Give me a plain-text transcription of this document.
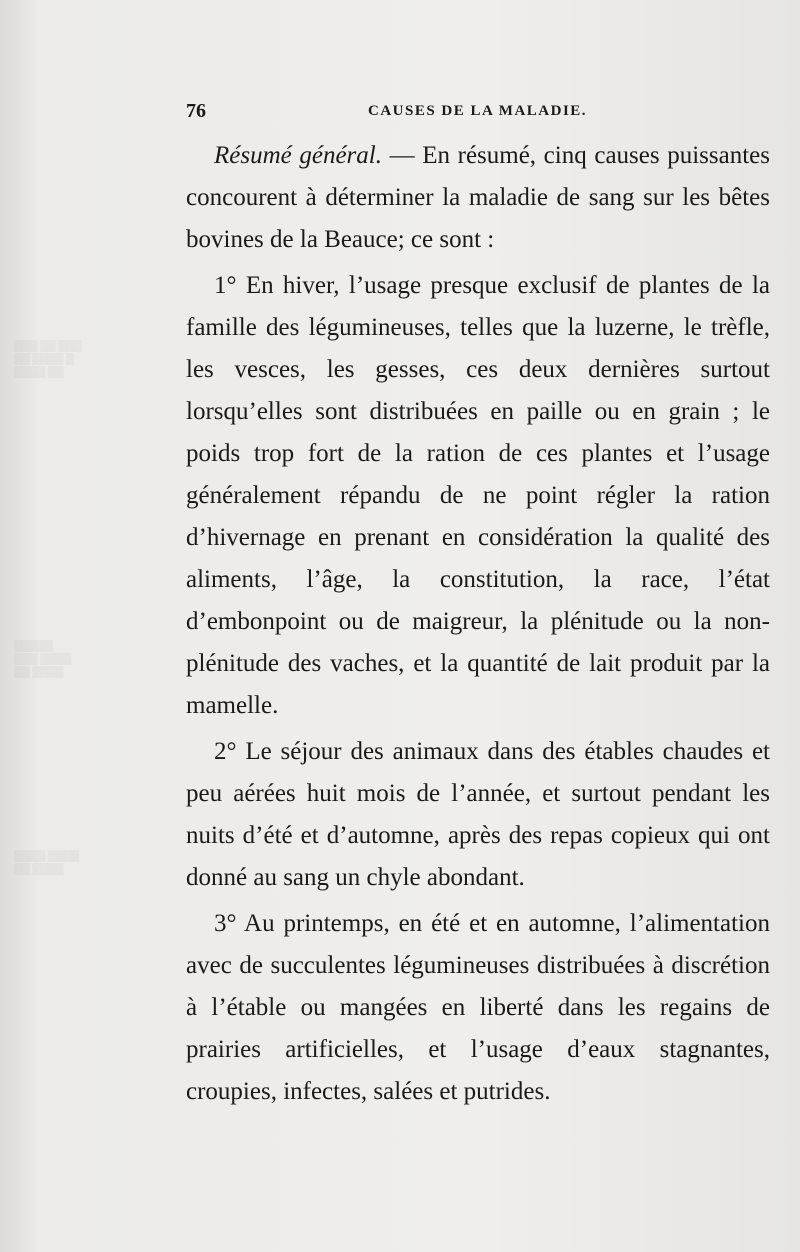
▒▒▒ ▒▒ ▒▒▒
▒▒ ▒▒▒▒ ▒
▒▒▒▒ ▒▒
▒▒▒▒▒
▒▒▒ ▒▒▒▒
▒▒ ▒▒▒▒
▒▒▒▒ ▒▒▒▒
▒▒ ▒▒▒▒
76	CAUSES DE LA MALADIE.

Résumé général. — En résumé, cinq causes puissantes concourent à déterminer la maladie de sang sur les bêtes bovines de la Beauce; ce sont :

1° En hiver, l’usage presque exclusif de plantes de la famille des légumineuses, telles que la luzerne, le trèfle, les vesces, les gesses, ces deux dernières surtout lorsqu’elles sont distribuées en paille ou en grain ; le poids trop fort de la ration de ces plantes et l’usage généralement répandu de ne point régler la ration d’hivernage en prenant en considération la qualité des aliments, l’âge, la constitution, la race, l’état d’embonpoint ou de maigreur, la plénitude ou la non-plénitude des vaches, et la quantité de lait produit par la mamelle.

2° Le séjour des animaux dans des étables chaudes et peu aérées huit mois de l’année, et surtout pendant les nuits d’été et d’automne, après des repas copieux qui ont donné au sang un chyle abondant.

3° Au printemps, en été et en automne, l’alimentation avec de succulentes légumineuses distribuées à discrétion à l’étable ou mangées en liberté dans les regains de prairies artificielles, et l’usage d’eaux stagnantes, croupies, infectes, salées et putrides.
